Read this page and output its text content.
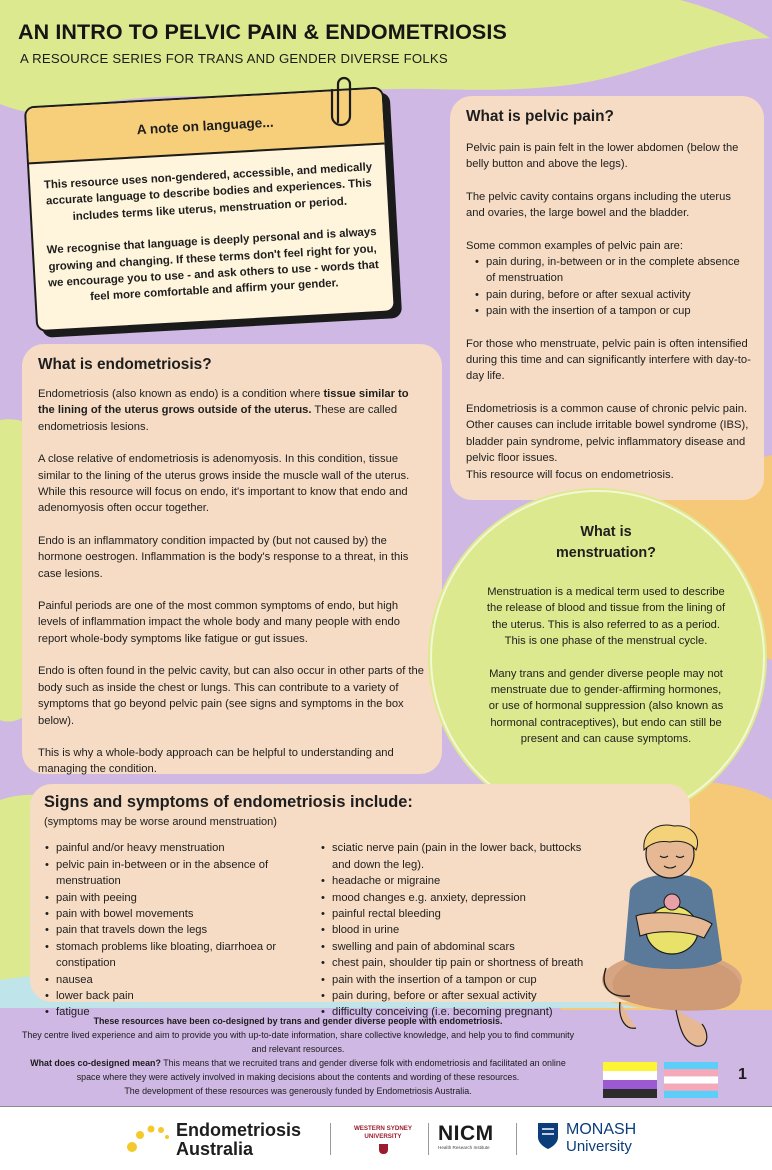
AN INTRO TO PELVIC PAIN & ENDOMETRIOSIS
A RESOURCE SERIES FOR TRANS AND GENDER DIVERSE FOLKS
What is pelvic pain?

Pelvic pain is pain felt in the lower abdomen (below the belly button and above the legs).

The pelvic cavity contains organs including the uterus and ovaries, the large bowel and the bladder.

Some common examples of pelvic pain are:

• pain during, in-between or in the complete absence of menstruation
• pain during, before or after sexual activity
• pain with the insertion of a tampon or cup

For those who menstruate, pelvic pain is often intensified during this time and can significantly interfere with day-to-day life.

Endometriosis is a common cause of chronic pelvic pain. Other causes can include irritable bowel syndrome (IBS), bladder pain syndrome, pelvic inflammatory disease and pelvic floor issues.

This resource will focus on endometriosis.

What is endometriosis?

Endometriosis (also known as endo) is a condition where tissue similar to the lining of the uterus grows outside of the uterus. These are called endometriosis lesions.

A close relative of endometriosis is adenomyosis. In this condition, tissue similar to the lining of the uterus grows inside the muscle wall of the uterus. While this resource will focus on endo, it's important to know that endo and adenomyosis often occur together.

Endo is an inflammatory condition impacted by (but not caused by) the hormone oestrogen. Inflammation is the body's response to a threat, in this case lesions.

Painful periods are one of the most common symptoms of endo, but high levels of inflammation impact the whole body and many people with endo report whole-body symptoms like fatigue or gut issues.

Endo is often found in the pelvic cavity, but can also occur in other parts of the body such as inside the chest or lungs. This can contribute to a variety of symptoms that go beyond pelvic pain (see signs and symptoms in the box below).

This is why a whole-body approach can be helpful to understanding and managing the condition.

What is
menstruation?

Menstruation is a medical term used to describe the release of blood and tissue from the lining of the uterus. This is also referred to as a period. This is one phase of the menstrual cycle.

Many trans and gender diverse people may not menstruate due to gender-affirming hormones, or use of hormonal suppression (also known as hormonal contraceptives), but endo can still be present and can cause symptoms.

A note on language...

This resource uses non-gendered, accessible, and medically accurate language to describe bodies and experiences. This includes terms like uterus, menstruation or period.

We recognise that language is deeply personal and is always growing and changing. If these terms don't feel right for you, we encourage you to use - and ask others to use - words that feel more comfortable and affirm your gender.

Signs and symptoms of endometriosis include:

(symptoms may be worse around menstruation)

• painful and/or heavy menstruation
• pelvic pain in-between or in the absence of menstruation
• pain with peeing
• pain with bowel movements
• pain that travels down the legs
• stomach problems like bloating, diarrhoea or constipation
• nausea
• lower back pain
• fatigue
• sciatic nerve pain (pain in the lower back, buttocks and down the leg).
• headache or migraine
• mood changes e.g. anxiety, depression
• painful rectal bleeding
• blood in urine
• swelling and pain of abdominal scars
• chest pain, shoulder tip pain or shortness of breath
• pain with the insertion of a tampon or cup
• pain during, before or after sexual activity
• difficulty conceiving (i.e. becoming pregnant)
These resources have been co-designed by trans and gender diverse people with endometriosis.
They centre lived experience and aim to provide you with up-to-date information, share collective knowledge, and help you to find community and relevant resources.
What does co-designed mean? This means that we recruited trans and gender diverse folk with endometriosis and facilitated an online space where they were actively involved in making decisions about the contents and wording of these resources.
The development of these resources was generously funded by Endometriosis Australia.
1
Endometriosis
Australia
WESTERN SYDNEY
UNIVERSITY	NICM
Health Research Institute
MONASH
University
